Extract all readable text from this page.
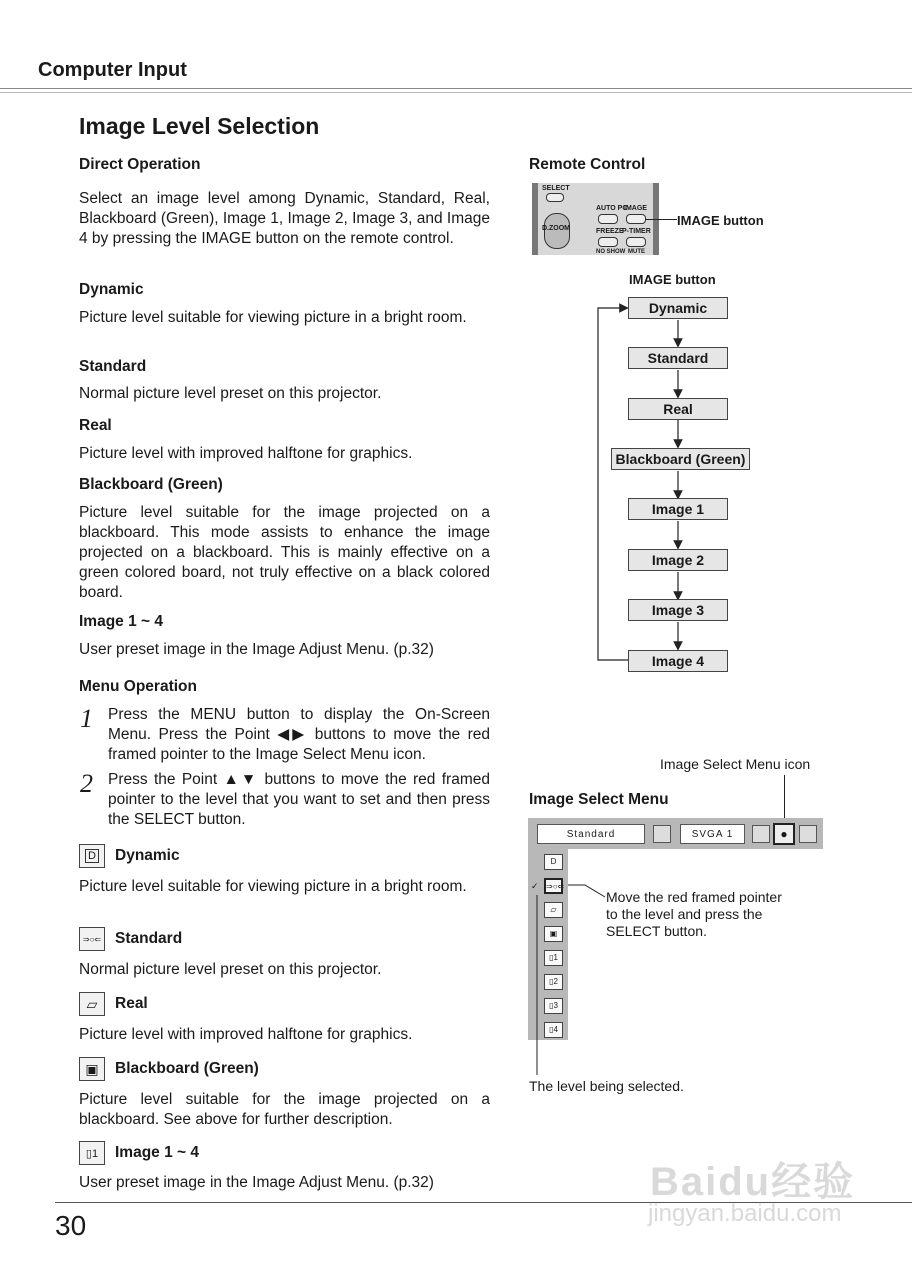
Computer Input
Image Level Selection
Direct Operation
Select an image level among Dynamic, Standard, Real, Blackboard (Green), Image 1, Image 2, Image 3, and Image 4 by pressing the IMAGE button on the remote control.
Dynamic
Picture level suitable for viewing picture in a bright room.
Standard
Normal picture level preset on this projector.
Real
Picture level with improved halftone for graphics.
Blackboard (Green)
Picture level suitable for the image projected on a blackboard. This mode assists to enhance the image projected on a blackboard. This is mainly effective on a green colored board, not truly effective on a black colored board.
Image 1 ~ 4
User preset image in the Image Adjust Menu. (p.32)
Menu Operation
1 Press the MENU button to display the On-Screen Menu. Press the Point ◀▶ buttons to move the red framed pointer to the Image Select Menu icon.
2 Press the Point ▲▼ buttons to move the red framed pointer to the level that you want to set and then press the SELECT button.
D Dynamic
Picture level suitable for viewing picture in a bright room.
⇒○⇐ Standard
Normal picture level preset on this projector.
▱ Real
Picture level with improved halftone for graphics.
▣ Blackboard (Green)
Picture level suitable for the image projected on a blackboard. See above for further description.
▯1 Image 1 ~ 4
User preset image in the Image Adjust Menu. (p.32)
Remote Control
SELECT
D.ZOOM
AUTO PC
IMAGE
FREEZE
P-TIMER
NO SHOW MUTE
IMAGE button
IMAGE button
Dynamic
Standard
Real
Blackboard (Green)
Image 1
Image 2
Image 3
Image 4
Image Select Menu icon
Image Select Menu
Standard	SVGA 1	●
D
⇒○⇐
▱
▣
▯1
▯2
▯3
▯4
✓
Move the red framed pointer to the level and press the SELECT button.
The level being selected.
30
Baidu经验
jingyan.baidu.com
